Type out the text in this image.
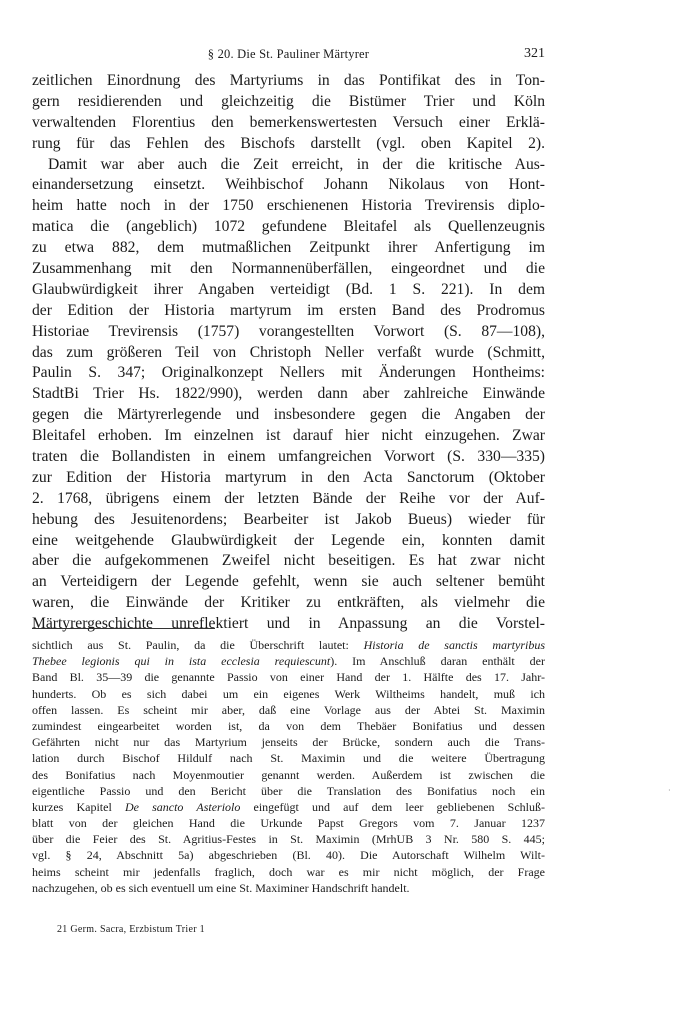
§ 20. Die St. Pauliner Märtyrer	321
zeitlichen Einordnung des Martyriums in das Pontifikat des in Ton-
gern residierenden und gleichzeitig die Bistümer Trier und Köln
verwaltenden Florentius den bemerkenswertesten Versuch einer Erklä-
rung für das Fehlen des Bischofs darstellt (vgl. oben Kapitel 2).
Damit war aber auch die Zeit erreicht, in der die kritische Aus-
einandersetzung einsetzt. Weihbischof Johann Nikolaus von Hont-
heim hatte noch in der 1750 erschienenen Historia Trevirensis diplo-
matica die (angeblich) 1072 gefundene Bleitafel als Quellenzeugnis
zu etwa 882, dem mutmaßlichen Zeitpunkt ihrer Anfertigung im
Zusammenhang mit den Normannenüberfällen, eingeordnet und die
Glaubwürdigkeit ihrer Angaben verteidigt (Bd. 1 S. 221). In dem
der Edition der Historia martyrum im ersten Band des Prodromus
Historiae Trevirensis (1757) vorangestellten Vorwort (S. 87—108),
das zum größeren Teil von Christoph Neller verfaßt wurde (Schmitt,
Paulin S. 347; Originalkonzept Nellers mit Änderungen Hontheims:
StadtBi Trier Hs. 1822/990), werden dann aber zahlreiche Einwände
gegen die Märtyrerlegende und insbesondere gegen die Angaben der
Bleitafel erhoben. Im einzelnen ist darauf hier nicht einzugehen. Zwar
traten die Bollandisten in einem umfangreichen Vorwort (S. 330—335)
zur Edition der Historia martyrum in den Acta Sanctorum (Oktober
2. 1768, übrigens einem der letzten Bände der Reihe vor der Auf-
hebung des Jesuitenordens; Bearbeiter ist Jakob Bueus) wieder für
eine weitgehende Glaubwürdigkeit der Legende ein, konnten damit
aber die aufgekommenen Zweifel nicht beseitigen. Es hat zwar nicht
an Verteidigern der Legende gefehlt, wenn sie auch seltener bemüht
waren, die Einwände der Kritiker zu entkräften, als vielmehr die
Märtyrergeschichte unreflektiert und in Anpassung an die Vorstel-
sichtlich aus St. Paulin, da die Überschrift lautet: Historia de sanctis martyribus
Thebee legionis qui in ista ecclesia requiescunt). Im Anschluß daran enthält der
Band Bl. 35—39 die genannte Passio von einer Hand der 1. Hälfte des 17. Jahr-
hunderts. Ob es sich dabei um ein eigenes Werk Wiltheims handelt, muß ich
offen lassen. Es scheint mir aber, daß eine Vorlage aus der Abtei St. Maximin
zumindest eingearbeitet worden ist, da von dem Thebäer Bonifatius und dessen
Gefährten nicht nur das Martyrium jenseits der Brücke, sondern auch die Trans-
lation durch Bischof Hildulf nach St. Maximin und die weitere Übertragung
des Bonifatius nach Moyenmoutier genannt werden. Außerdem ist zwischen die
eigentliche Passio und den Bericht über die Translation des Bonifatius noch ein
kurzes Kapitel De sancto Asteriolo eingefügt und auf dem leer gebliebenen Schluß-
blatt von der gleichen Hand die Urkunde Papst Gregors vom 7. Januar 1237
über die Feier des St. Agritius-Festes in St. Maximin (MrhUB 3 Nr. 580 S. 445;
vgl. § 24, Abschnitt 5a) abgeschrieben (Bl. 40). Die Autorschaft Wilhelm Wilt-
heims scheint mir jedenfalls fraglich, doch war es mir nicht möglich, der Frage
nachzugehen, ob es sich eventuell um eine St. Maximiner Handschrift handelt.
21 Germ. Sacra, Erzbistum Trier 1
·
